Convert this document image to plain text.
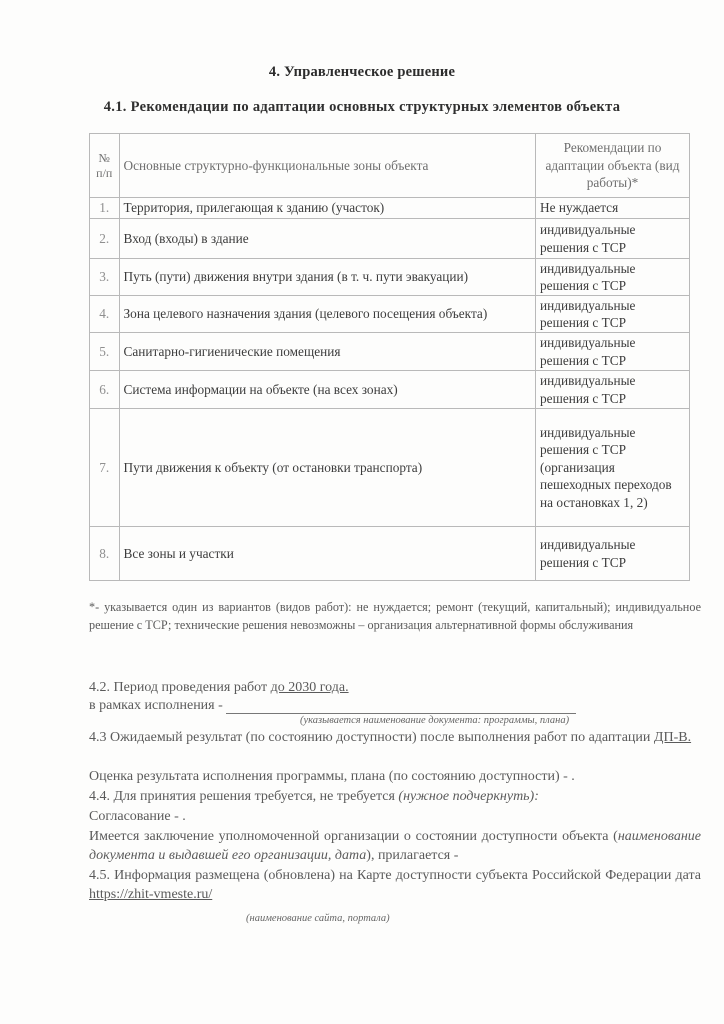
4. Управленческое решение
4.1. Рекомендации по адаптации основных структурных элементов объекта
№ п/п	Основные структурно-функциональные зоны объекта	Рекомендации по адаптации объекта (вид работы)*
1.	Территория, прилегающая к зданию (участок)	Не нуждается
2.	Вход (входы) в здание	индивидуальные решения с ТСР
3.	Путь (пути) движения внутри здания (в т. ч. пути эвакуации)	индивидуальные решения с ТСР
4.	Зона целевого назначения здания (целевого посещения объекта)	индивидуальные решения с ТСР
5.	Санитарно-гигиенические помещения	индивидуальные решения с ТСР
6.	Система информации на объекте (на всех зонах)	индивидуальные решения с ТСР
7.	Пути движения к объекту (от остановки транспорта)	индивидуальные решения с ТСР (организация пешеходных переходов на остановках 1, 2)
8.	Все зоны и участки	индивидуальные решения с ТСР
*- указывается один из вариантов (видов работ): не нуждается; ремонт (текущий, капитальный); индивидуальное решение с ТСР; технические решения невозможны – организация альтернативной формы обслуживания
4.2. Период проведения работ до 2030 года.
в рамках исполнения -
(указывается наименование документа: программы, плана)
4.3 Ожидаемый результат (по состоянию доступности) после выполнения работ по адаптации ДП-В.
Оценка результата исполнения программы, плана (по состоянию доступности) - .
4.4. Для принятия решения требуется, не требуется (нужное подчеркнуть):
Согласование - .
Имеется заключение уполномоченной организации о состоянии доступности объекта (наименование документа и выдавшей его организации, дата), прилагается -
4.5. Информация размещена (обновлена) на Карте доступности субъекта Российской Федерации дата https://zhit-vmeste.ru/
(наименование сайта, портала)
